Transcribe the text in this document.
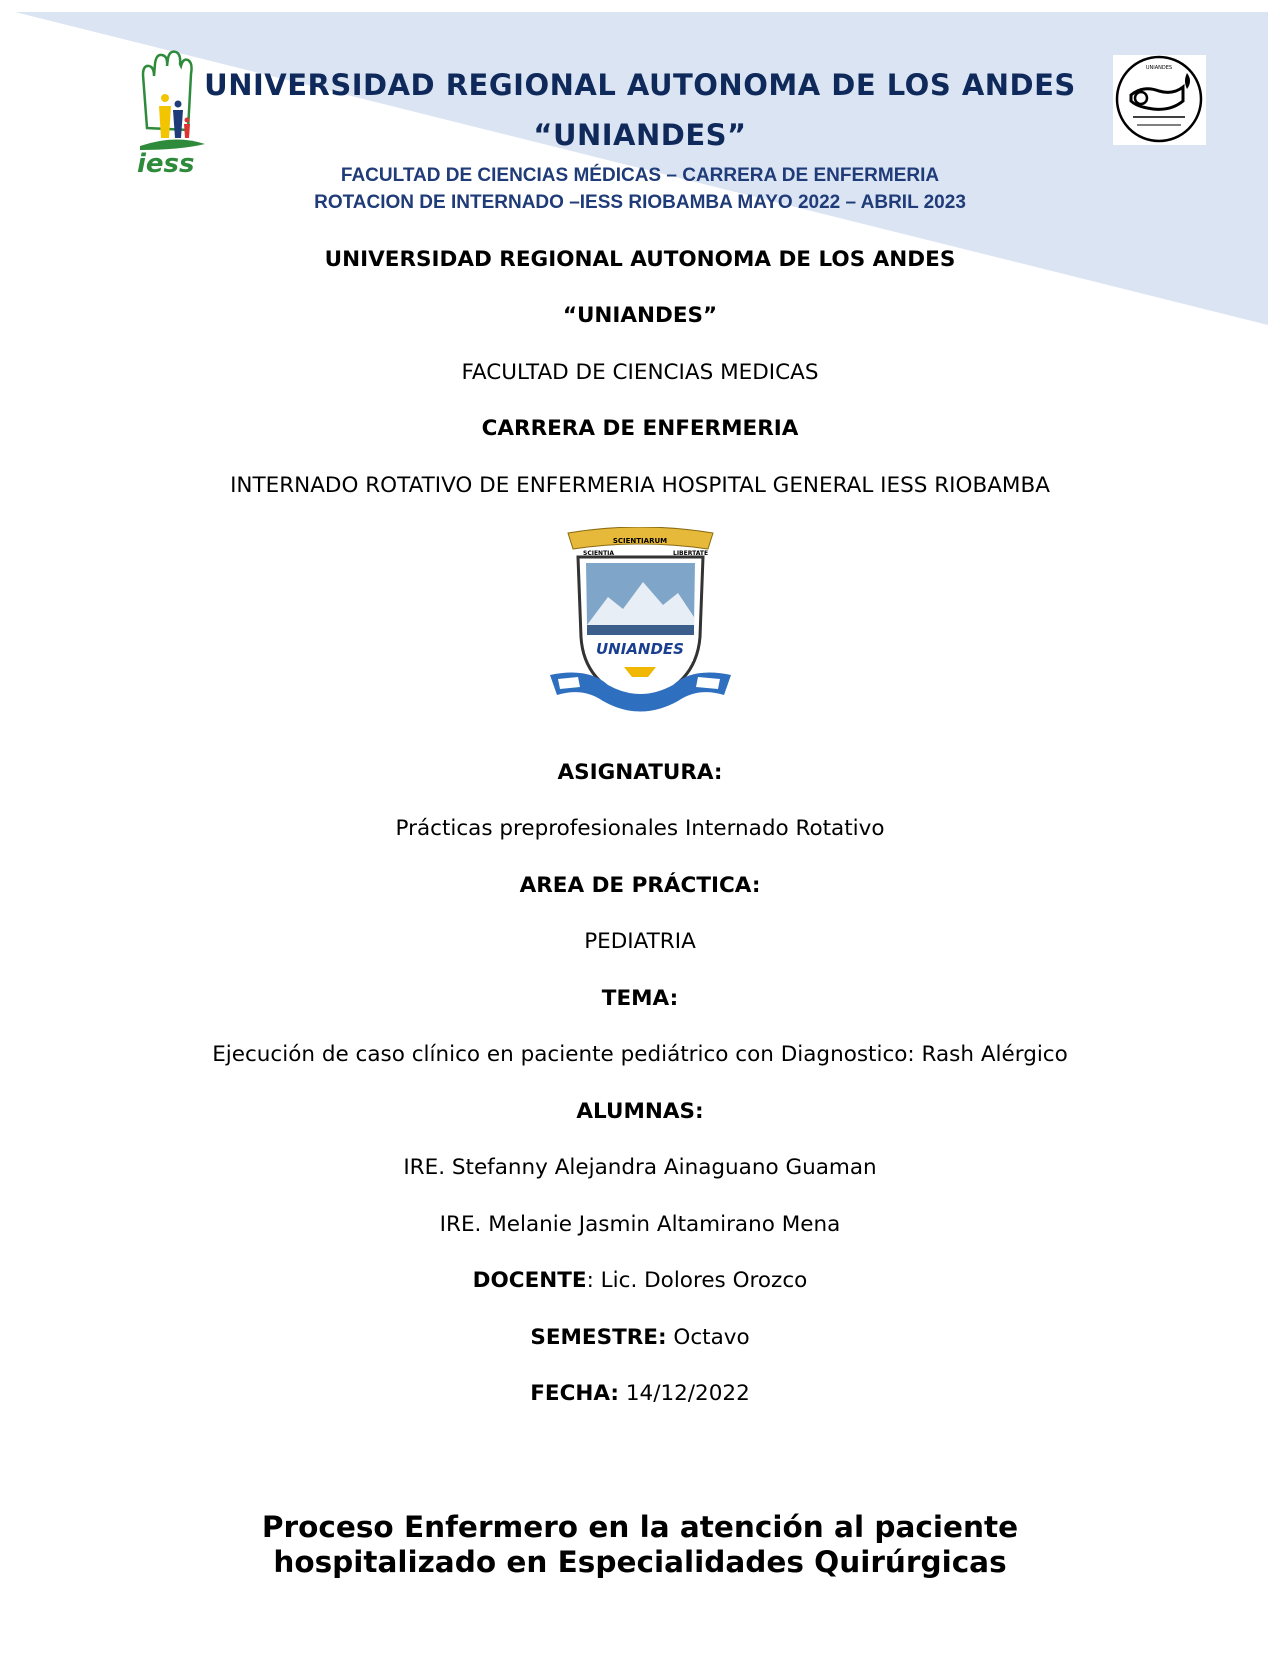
iess
UNIANDES
UNIVERSIDAD REGIONAL AUTONOMA DE LOS ANDES
“UNIANDES”
FACULTAD DE CIENCIAS MÉDICAS – CARRERA DE ENFERMERIA
ROTACION DE INTERNADO –IESS RIOBAMBA MAYO 2022 – ABRIL 2023
UNIVERSIDAD REGIONAL AUTONOMA DE LOS ANDES
“UNIANDES”
FACULTAD DE CIENCIAS MEDICAS
CARRERA DE ENFERMERIA
INTERNADO ROTATIVO DE ENFERMERIA HOSPITAL GENERAL IESS RIOBAMBA
UNIANDES
SCIENTIARUM
SCIENTIA	LIBERTATE
ASIGNATURA:
Prácticas preprofesionales Internado Rotativo
AREA DE PRÁCTICA:
PEDIATRIA
TEMA:
Ejecución de caso clínico en paciente pediátrico con Diagnostico: Rash Alérgico
ALUMNAS:
IRE. Stefanny Alejandra Ainaguano Guaman
IRE. Melanie Jasmin Altamirano Mena
DOCENTE: Lic. Dolores Orozco
SEMESTRE: Octavo
FECHA: 14/12/2022
Proceso Enfermero en la atención al paciente
hospitalizado en Especialidades Quirúrgicas
